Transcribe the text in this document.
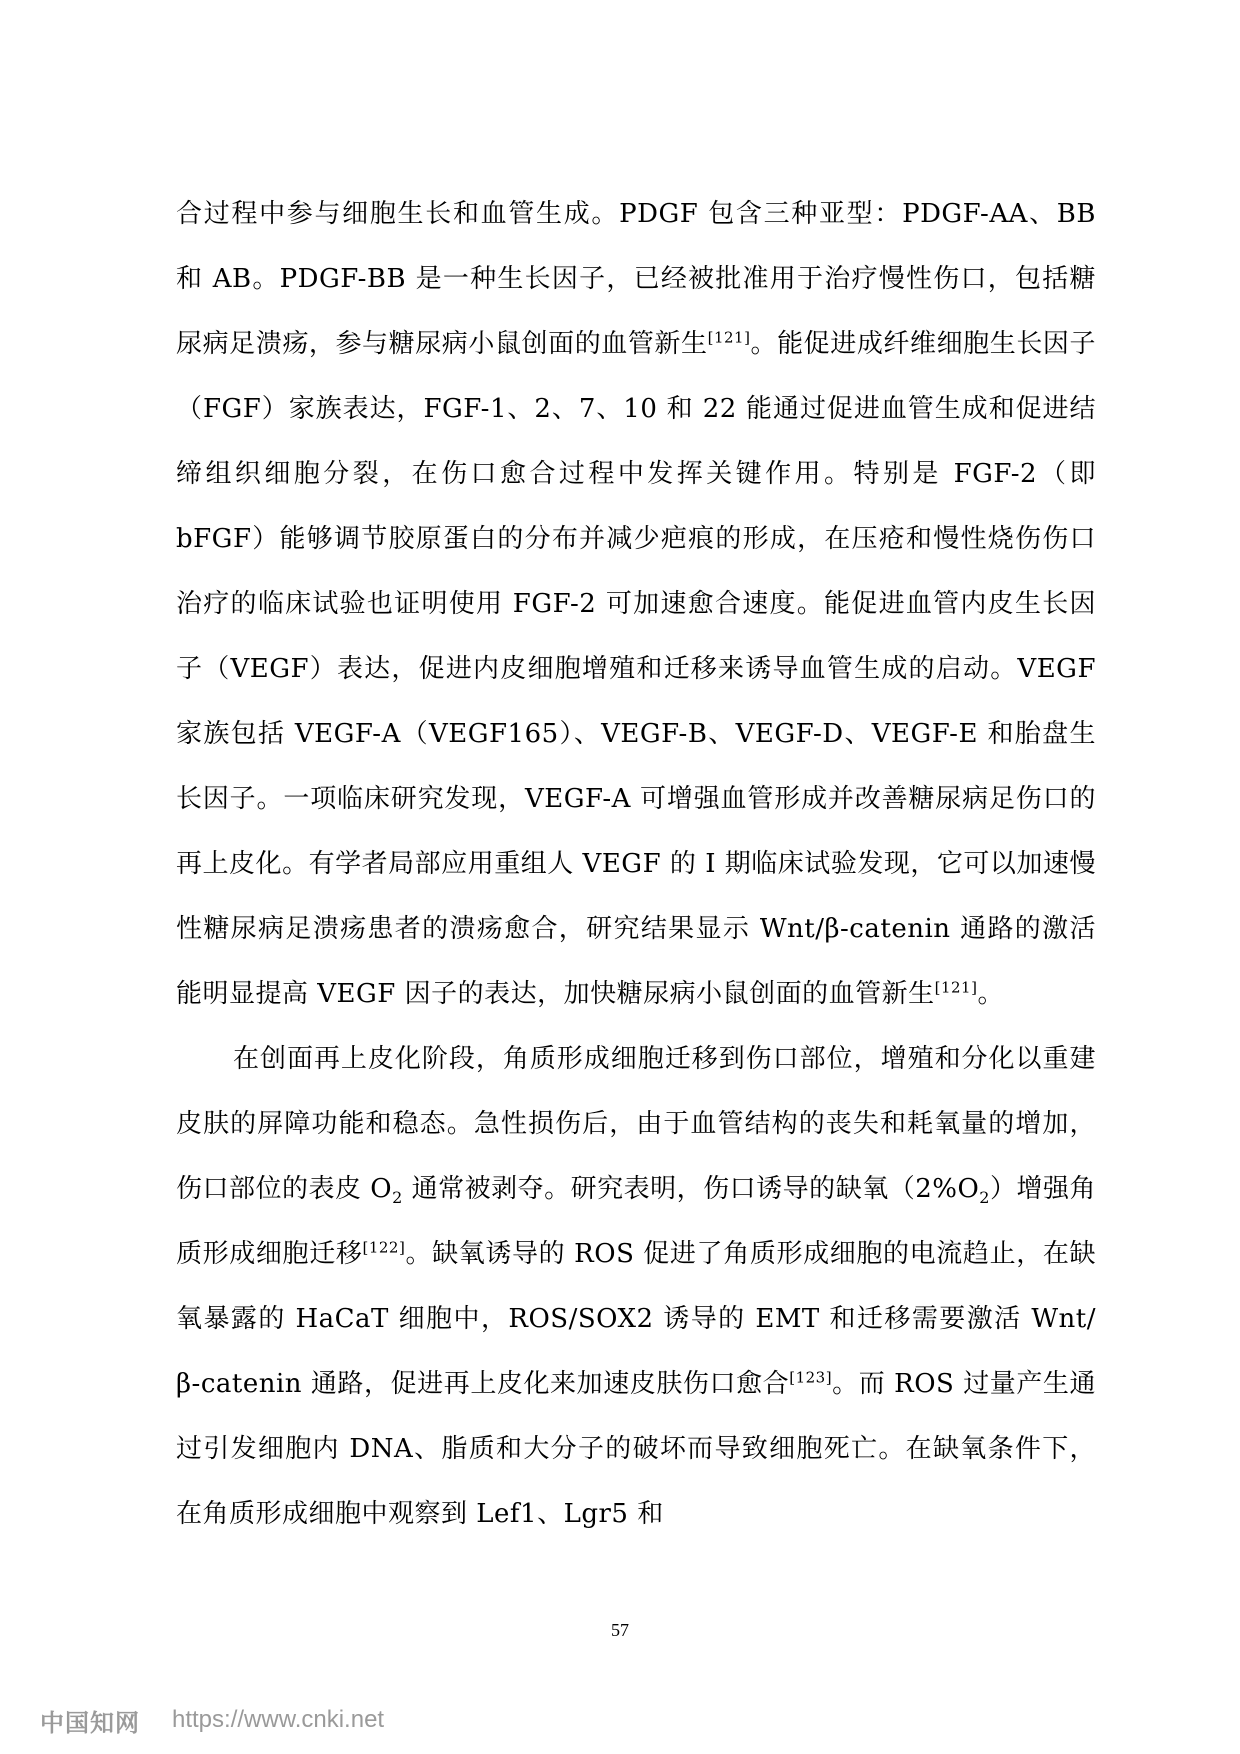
合过程中参与细胞生长和血管生成。PDGF 包含三种亚型：PDGF-AA、BB 和 AB。PDGF-BB 是一种生长因子，已经被批准用于治疗慢性伤口，包括糖尿病足溃疡，参与糖尿病小鼠创面的血管新生[121]。能促进成纤维细胞生长因子（FGF）家族表达，FGF-1、2、7、10 和 22 能通过促进血管生成和促进结缔组织细胞分裂，在伤口愈合过程中发挥关键作用。特别是 FGF-2（即 bFGF）能够调节胶原蛋白的分布并减少疤痕的形成，在压疮和慢性烧伤伤口治疗的临床试验也证明使用 FGF-2 可加速愈合速度。能促进血管内皮生长因子（VEGF）表达，促进内皮细胞增殖和迁移来诱导血管生成的启动。VEGF 家族包括 VEGF-A（VEGF165）、VEGF-B、VEGF-D、VEGF-E 和胎盘生长因子。一项临床研究发现，VEGF-A 可增强血管形成并改善糖尿病足伤口的再上皮化。有学者局部应用重组人 VEGF 的 I 期临床试验发现，它可以加速慢性糖尿病足溃疡患者的溃疡愈合，研究结果显示 Wnt/β-catenin 通路的激活能明显提高 VEGF 因子的表达，加快糖尿病小鼠创面的血管新生[121]。

在创面再上皮化阶段，角质形成细胞迁移到伤口部位，增殖和分化以重建皮肤的屏障功能和稳态。急性损伤后，由于血管结构的丧失和耗氧量的增加，伤口部位的表皮 $O_2$ 通常被剥夺。研究表明，伤口诱导的缺氧$(2\%O_2)$增强角质形成细胞迁移[122]。缺氧诱导的 ROS 促进了角质形成细胞的电流趋止，在缺氧暴露的 HaCaT 细胞中，ROS/SOX2 诱导的 EMT 和迁移需要激活 Wnt/β-catenin 通路，促进再上皮化来加速皮肤伤口愈合[123]。而 ROS 过量产生通过引发细胞内 DNA、脂质和大分子的破坏而导致细胞死亡。在缺氧条件下，在角质形成细胞中观察到 Lef1、Lgr5 和

57
中国知网 https://www.cnki.net
